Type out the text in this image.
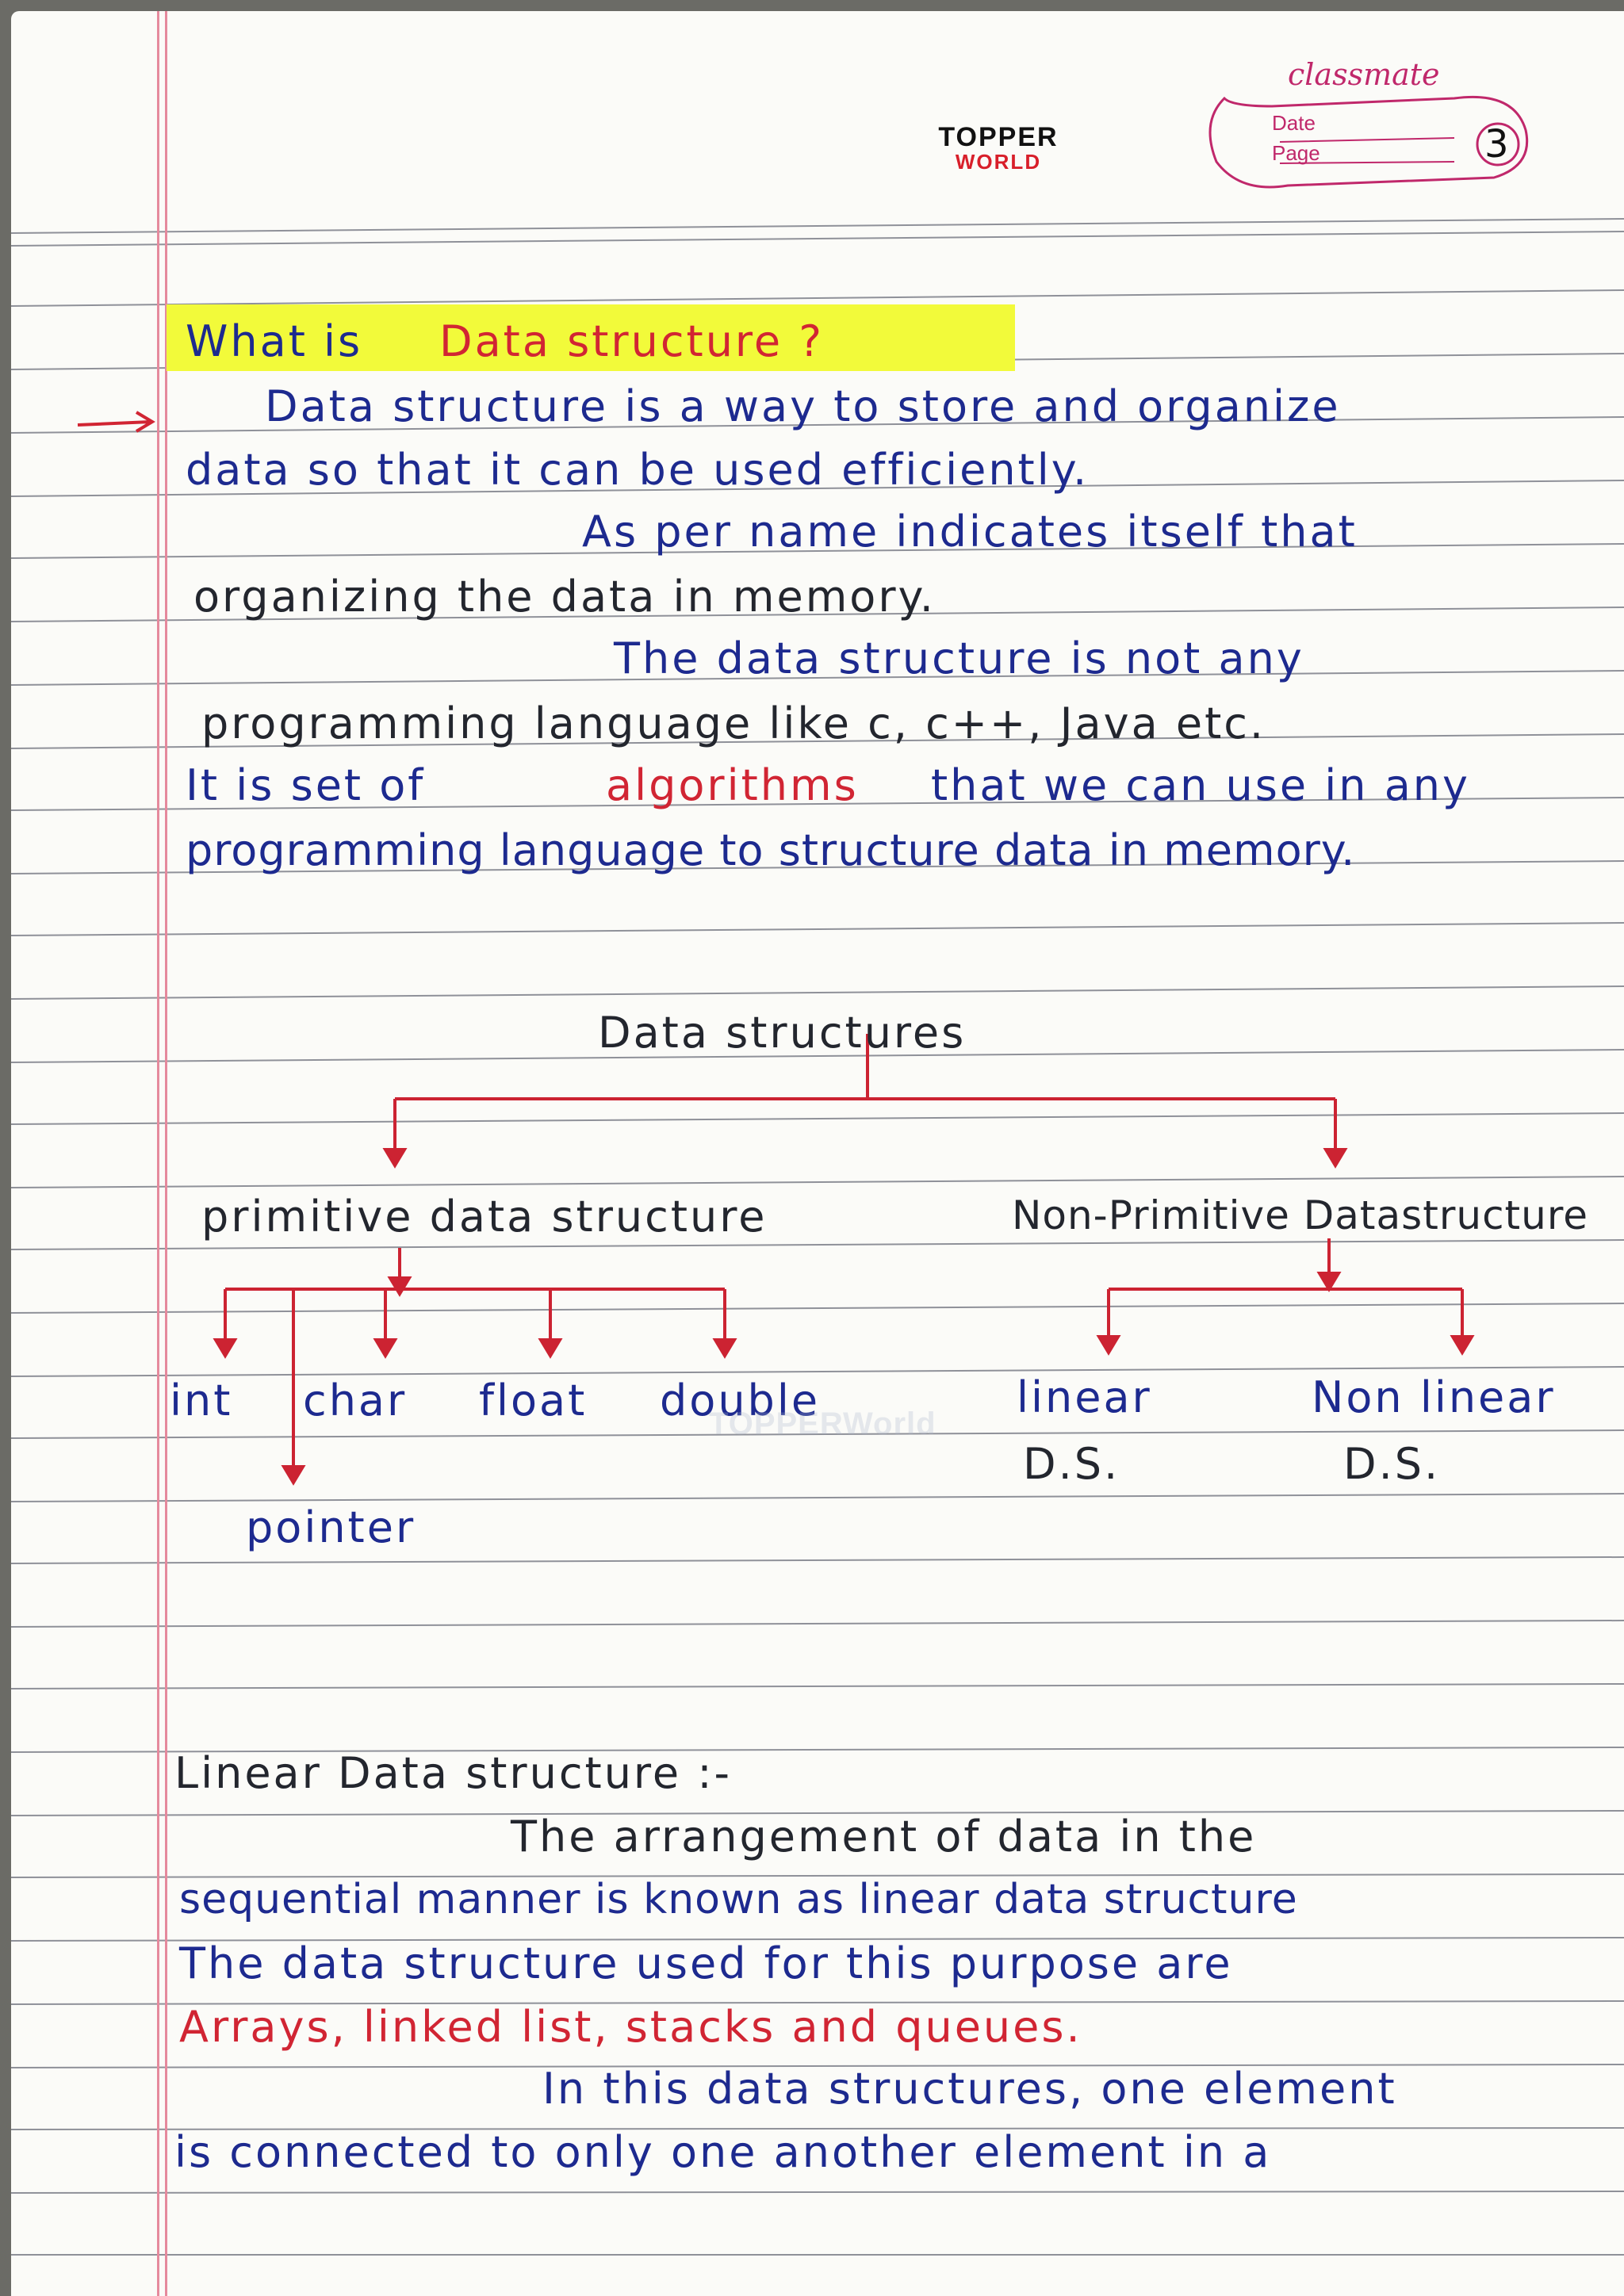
TOPPER
WORLD
classmate
Date
Page	3
What is Data structure ?
Data structure is a way to store and organize
data so that it can be used efficiently.
As per name indicates itself that
organizing the data in memory.
The data structure is not any
programming language like c, c++, Java etc.
It is set of	algorithms that we can use in any
programming language to structure data in memory.
Data structures
primitive data structure	Non-Primitive Datastructure
int char float double
pointer
linear
D.S.
Non linear
D.S.
TOPPERWorld
Linear Data structure :-
The arrangement of data in the
sequential manner is known as linear data structure
The data structure used for this purpose are
Arrays, linked list, stacks and queues.
In this data structures, one element
is connected to only one another element in a
